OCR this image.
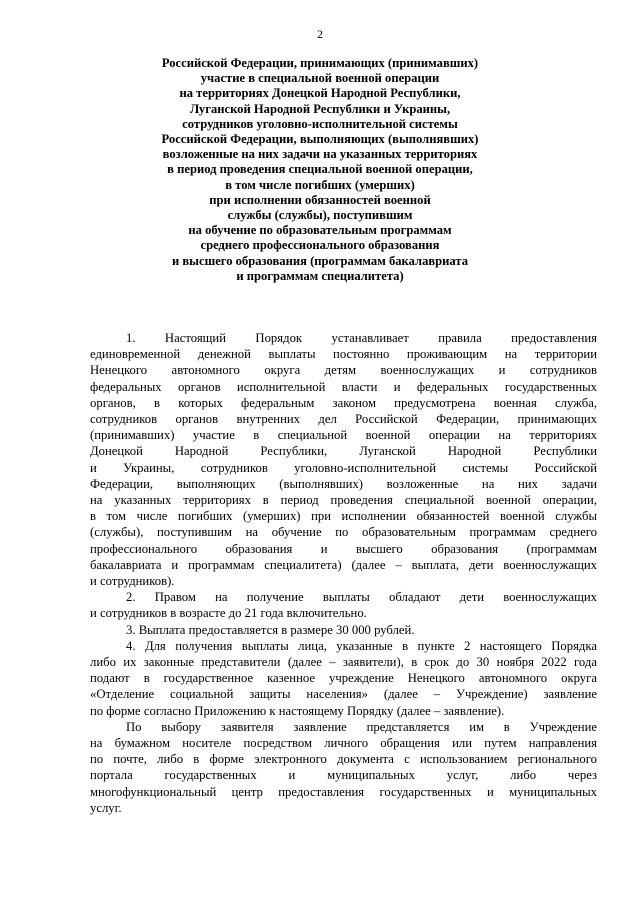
2
Российской Федерации, принимающих (принимавших)
участие в специальной военной операции
на территориях Донецкой Народной Республики,
Луганской Народной Республики и Украины,
сотрудников уголовно-исполнительной системы
Российской Федерации, выполняющих (выполнявших)
возложенные на них задачи на указанных территориях
в период проведения специальной военной операции,
в том числе погибших (умерших)
при исполнении обязанностей военной
службы (службы), поступившим
на обучение по образовательным программам
среднего профессионального образования
и высшего образования (программам бакалавриата
и программам специалитета)
1. Настоящий Порядок устанавливает правила предоставления
единовременной денежной выплаты постоянно проживающим на территории
Ненецкого автономного округа детям военнослужащих и сотрудников
федеральных органов исполнительной власти и федеральных государственных
органов, в которых федеральным законом предусмотрена военная служба,
сотрудников органов внутренних дел Российской Федерации, принимающих
(принимавших) участие в специальной военной операции на территориях
Донецкой Народной Республики, Луганской Народной Республики
и Украины, сотрудников уголовно-исполнительной системы Российской
Федерации, выполняющих (выполнявших) возложенные на них задачи
на указанных территориях в период проведения специальной военной операции,
в том числе погибших (умерших) при исполнении обязанностей военной службы
(службы), поступившим на обучение по образовательным программам среднего
профессионального образования и высшего образования (программам
бакалавриата и программам специалитета) (далее – выплата, дети военнослужащих
и сотрудников).
2. Правом на получение выплаты обладают дети военнослужащих
и сотрудников в возрасте до 21 года включительно.
3. Выплата предоставляется в размере 30 000 рублей.
4. Для получения выплаты лица, указанные в пункте 2 настоящего Порядка
либо их законные представители (далее – заявители), в срок до 30 ноября 2022 года
подают в государственное казенное учреждение Ненецкого автономного округа
«Отделение социальной защиты населения» (далее – Учреждение) заявление
по форме согласно Приложению к настоящему Порядку (далее – заявление).
По выбору заявителя заявление представляется им в Учреждение
на бумажном носителе посредством личного обращения или путем направления
по почте, либо в форме электронного документа с использованием регионального
портала государственных и муниципальных услуг, либо через
многофункциональный центр предоставления государственных и муниципальных
услуг.
